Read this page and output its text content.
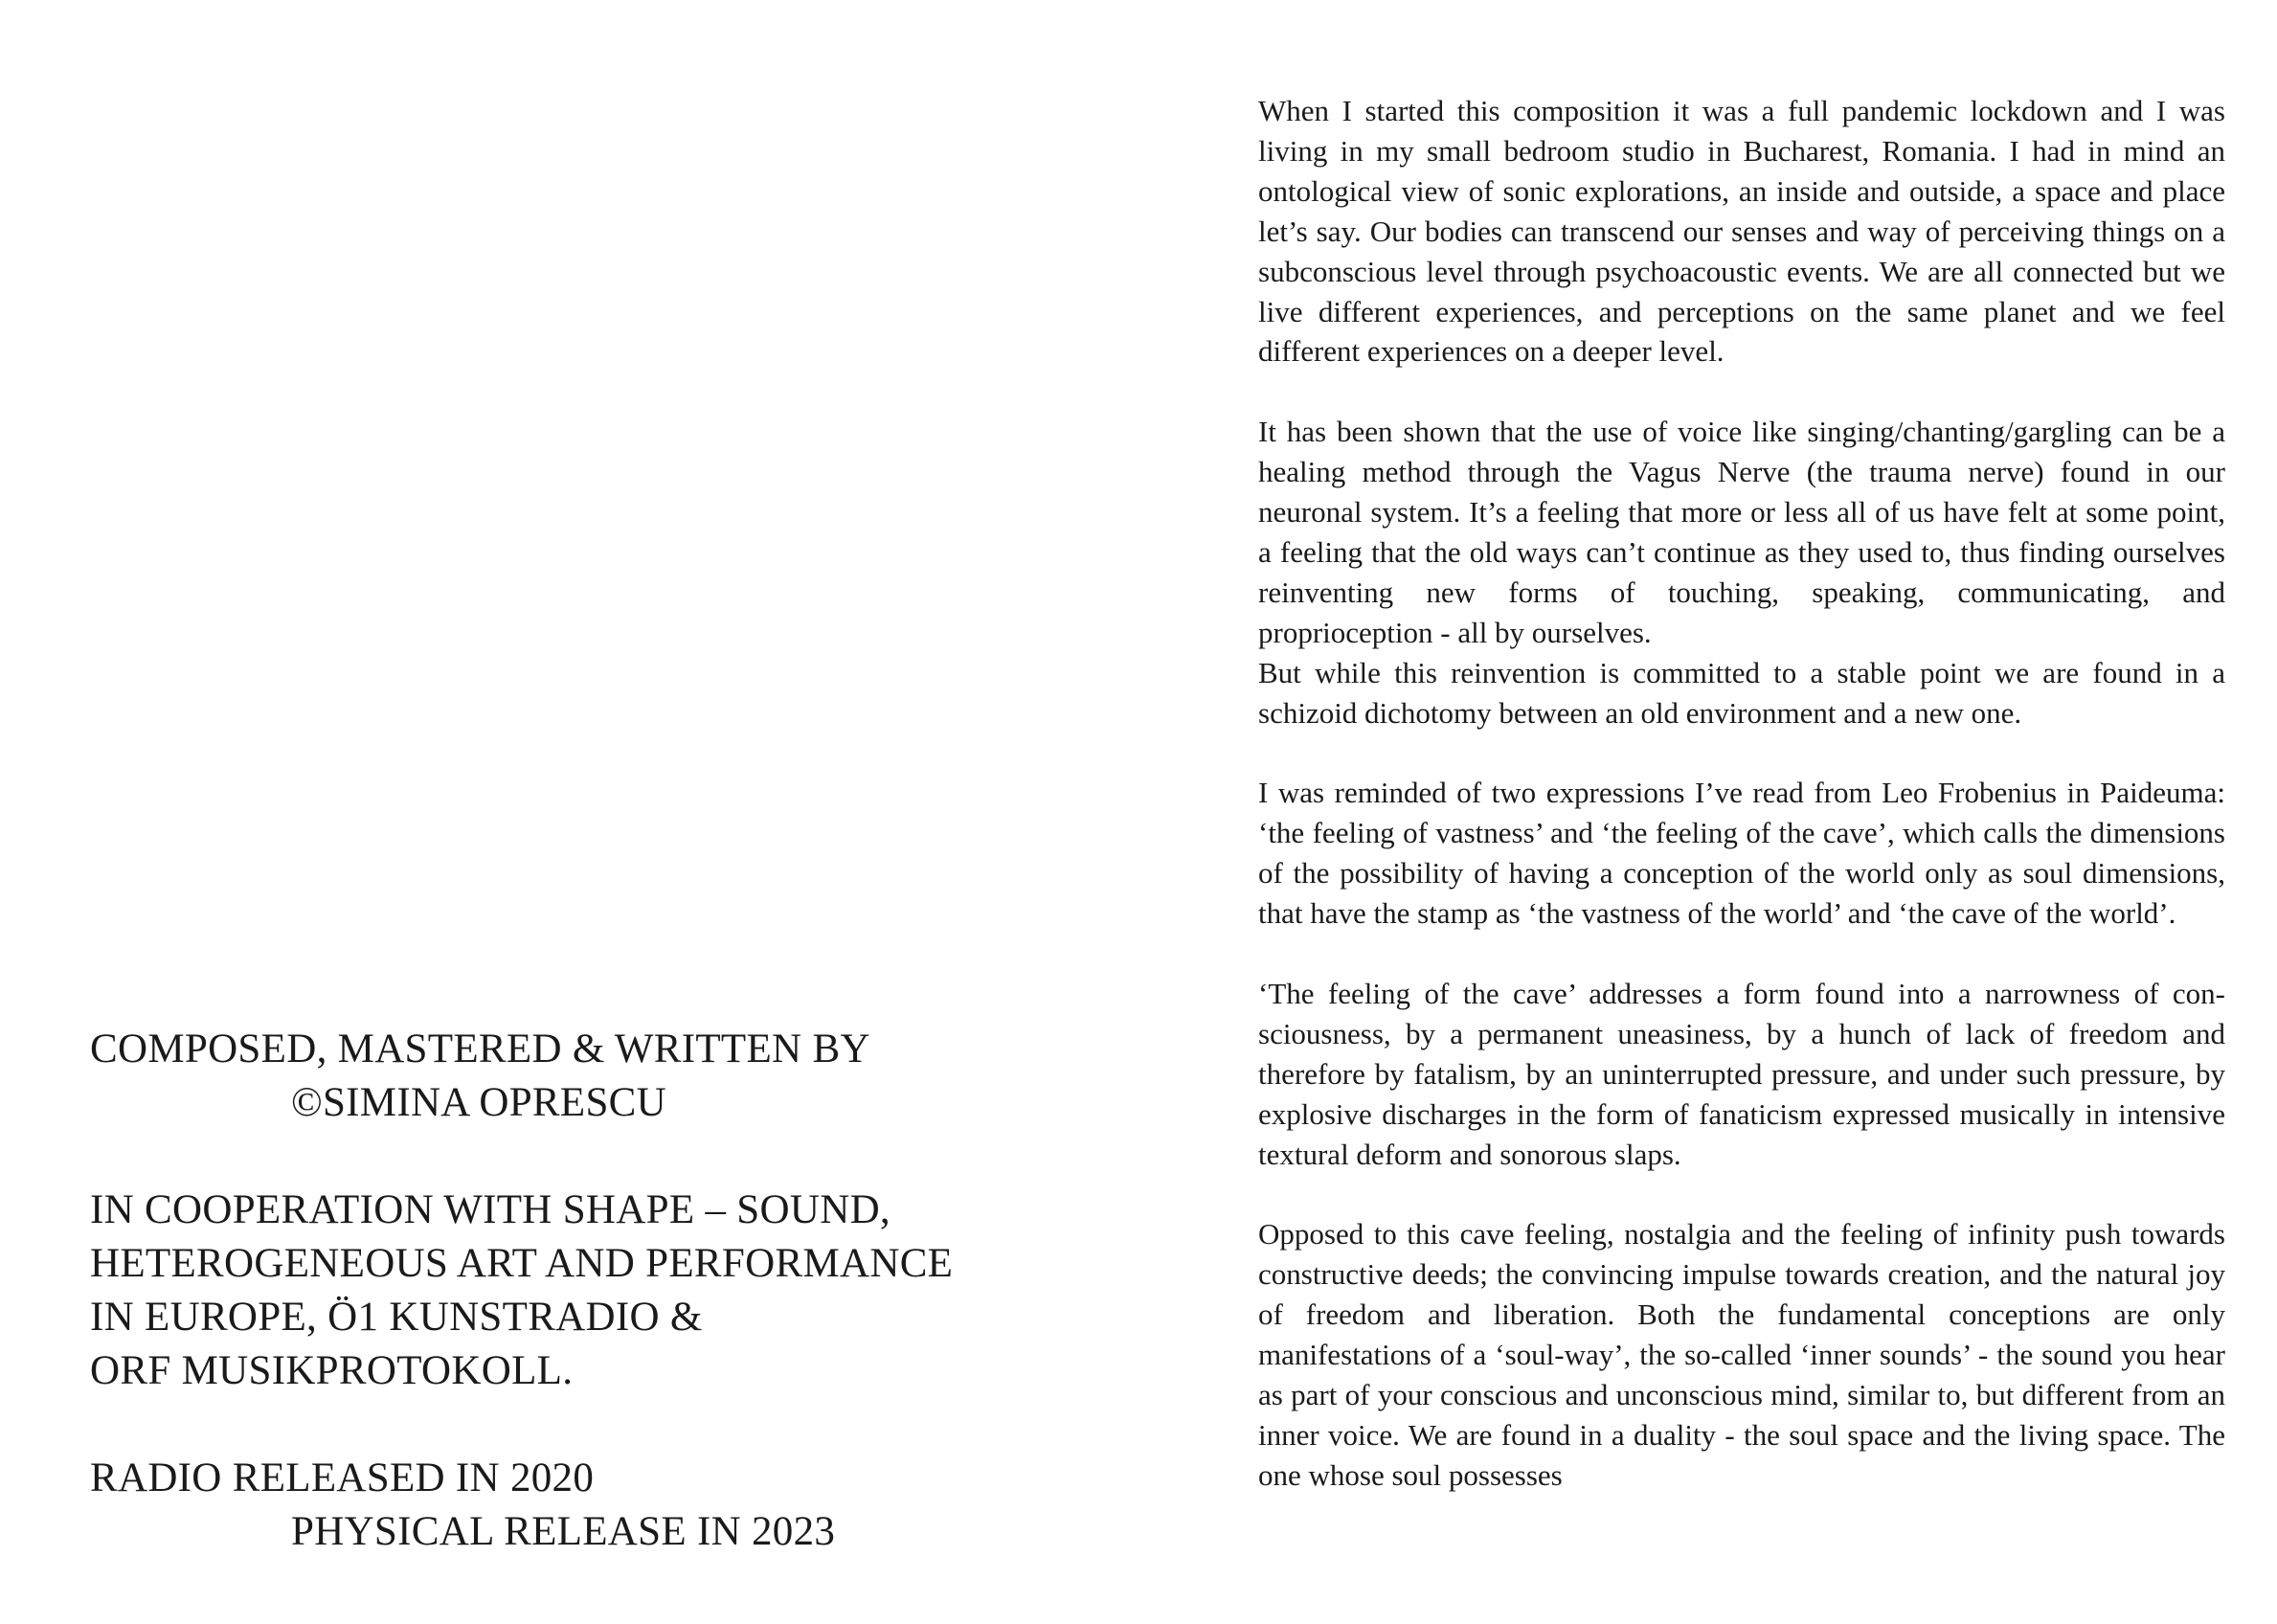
COMPOSED, MASTERED & WRITTEN BY
©SIMINA OPRESCU
IN COOPERATION WITH SHAPE – SOUND,
HETEROGENEOUS ART AND PERFORMANCE
IN EUROPE, Ö1 KUNSTRADIO &
ORF MUSIKPROTOKOLL.
RADIO RELEASED IN 2020
PHYSICAL RELEASE IN 2023

When I started this composition it was a full pandemic lockdown and I was living in my small bedroom studio in Bucharest, Romania. I had in mind an ontological view of sonic explorations, an inside and outside, a space and place let’s say. Our bodies can transcend our senses and way of perceiving things on a subconscious level through psychoacoustic events. We are all connected but we live different experiences, and perceptions on the same planet and we feel different experiences on a deeper level.

It has been shown that the use of voice like singing/chanting/gargling can be a healing method through the Vagus Nerve (the trauma nerve) found in our neuronal system. It’s a feeling that more or less all of us have felt at some point, a feeling that the old ways can’t continue as they used to, thus finding ourselves reinventing new forms of touching, speaking, communicating, and proprioception - all by ourselves.

But while this reinvention is committed to a stable point we are found in a schizoid dichotomy between an old environment and a new one.

I was reminded of two expressions I’ve read from Leo Frobenius in Paideuma: ‘the feeling of vastness’ and ‘the feeling of the cave’, which calls the dimensions of the possibility of having a conception of the world only as soul dimensions, that have the stamp as ‘the vastness of the world’ and ‘the cave of the world’.

‘The feeling of the cave’ addresses a form found into a narrowness of consciousness, by a permanent uneasiness, by a hunch of lack of freedom and therefore by fatalism, by an uninterrupted pressure, and under such pressure, by explosive discharges in the form of fanaticism expressed musically in intensive textural deform and sonorous slaps.

Opposed to this cave feeling, nostalgia and the feeling of infinity push towards constructive deeds; the convincing impulse towards creation, and the natural joy of freedom and liberation. Both the fundamental conceptions are only manifestations of a ‘soul-way’, the so-called ‘inner sounds’ - the sound you hear as part of your conscious and unconscious mind, similar to, but different from an inner voice. We are found in a duality - the soul space and the living space. The one whose soul possesses
